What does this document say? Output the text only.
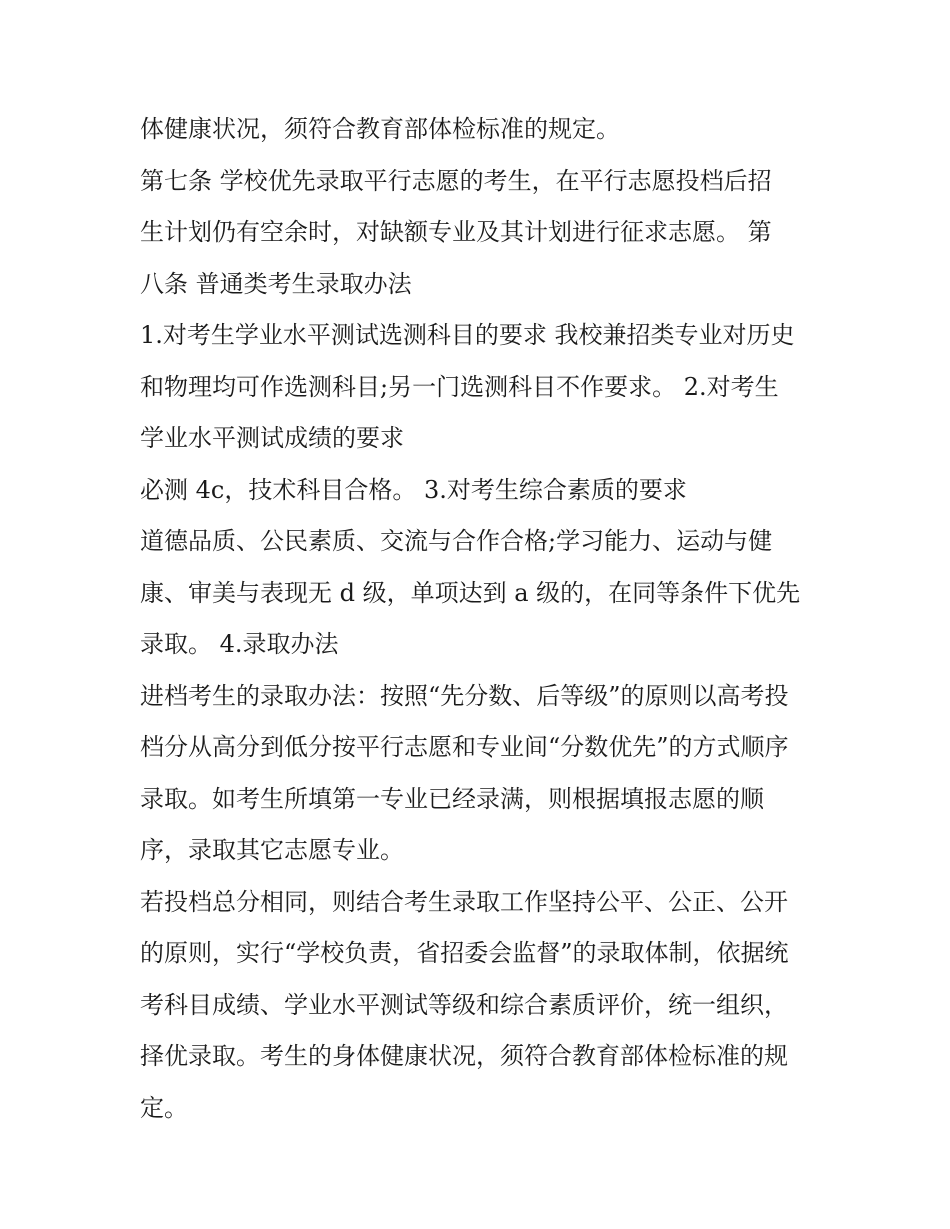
体健康状况，须符合教育部体检标准的规定。
第七条 学校优先录取平行志愿的考生，在平行志愿投档后招
生计划仍有空余时，对缺额专业及其计划进行征求志愿。 第
八条 普通类考生录取办法
1.对考生学业水平测试选测科目的要求 我校兼招类专业对历史
和物理均可作选测科目;另一门选测科目不作要求。 2.对考生
学业水平测试成绩的要求
必测 4c，技术科目合格。 3.对考生综合素质的要求
道德品质、公民素质、交流与合作合格;学习能力、运动与健
康、审美与表现无 d 级，单项达到 a 级的，在同等条件下优先
录取。 4.录取办法
进档考生的录取办法：按照“先分数、后等级”的原则以高考投
档分从高分到低分按平行志愿和专业间“分数优先”的方式顺序
录取。如考生所填第一专业已经录满，则根据填报志愿的顺
序，录取其它志愿专业。
若投档总分相同，则结合考生录取工作坚持公平、公正、公开
的原则，实行“学校负责，省招委会监督”的录取体制，依据统
考科目成绩、学业水平测试等级和综合素质评价，统一组织，
择优录取。考生的身体健康状况，须符合教育部体检标准的规
定。
